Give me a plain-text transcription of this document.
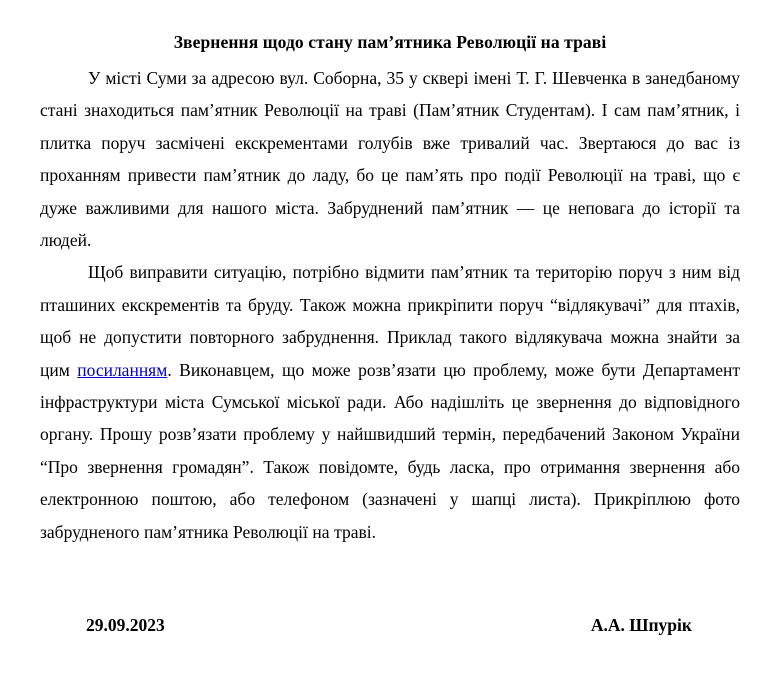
Звернення щодо стану пам’ятника Революції на траві

У місті Суми за адресою вул. Соборна, 35 у сквері імені Т. Г. Шевченка в занедбаному стані знаходиться пам’ятник Революції на траві (Пам’ятник Студентам). І сам пам’ятник, і плитка поруч засмічені екскрементами голубів вже тривалий час. Звертаюся до вас із проханням привести пам’ятник до ладу, бо це пам’ять про події Революції на траві, що є дуже важливими для нашого міста. Забруднений пам’ятник — це неповага до історії та людей.

Щоб виправити ситуацію, потрібно відмити пам’ятник та територію поруч з ним від пташиних екскрементів та бруду. Також можна прикріпити поруч “відлякувачі” для птахів, щоб не допустити повторного забруднення. Приклад такого відлякувача можна знайти за цим посиланням. Виконавцем, що може розв’язати цю проблему, може бути Департамент інфраструктури міста Сумської міської ради. Або надішліть це звернення до відповідного органу. Прошу розв’язати проблему у найшвидший термін, передбачений Законом України “Про звернення громадян”. Також повідомте, будь ласка, про отримання звернення або електронною поштою, або телефоном (зазначені у шапці листа). Прикріплюю фото забрудненого пам’ятника Революції на траві.

29.09.2023	А.А. Шпурік
